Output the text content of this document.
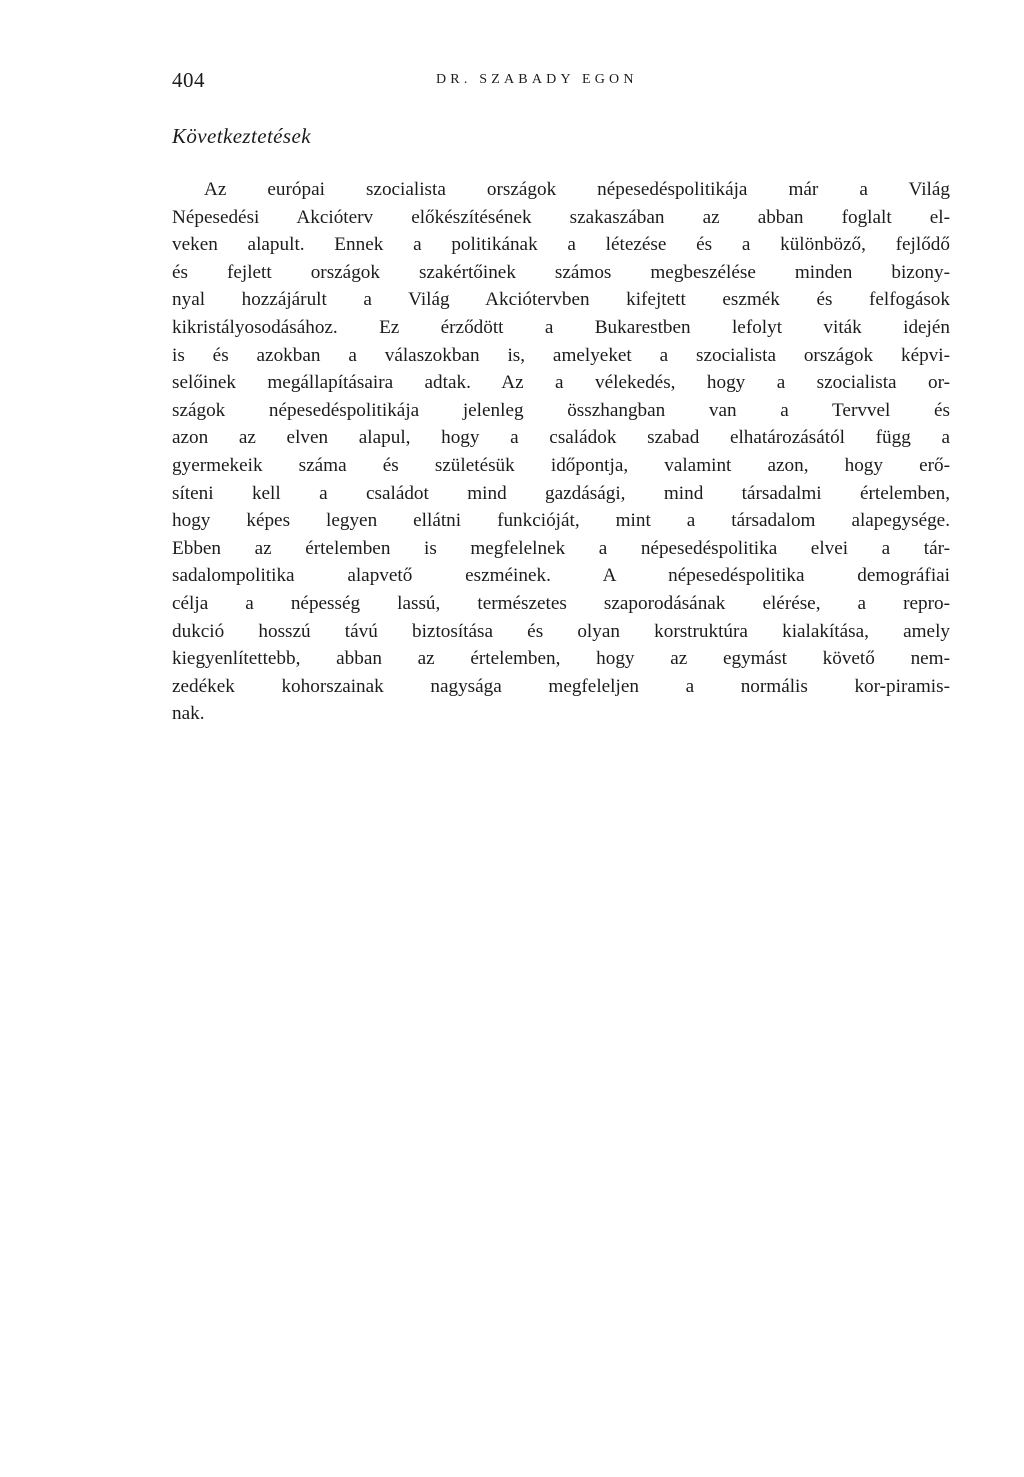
404	DR. SZABADY EGON
Következtetések
Az európai szocialista országok népesedéspolitikája már a Világ
Népesedési Akcióterv előkészítésének szakaszában az abban foglalt el-
veken alapult. Ennek a politikának a létezése és a különböző, fejlődő
és fejlett országok szakértőinek számos megbeszélése minden bizony-
nyal hozzájárult a Világ Akciótervben kifejtett eszmék és felfogások
kikristályosodásához. Ez érződött a Bukarestben lefolyt viták idején
is és azokban a válaszokban is, amelyeket a szocialista országok képvi-
selőinek megállapításaira adtak. Az a vélekedés, hogy a szocialista or-
szágok népesedéspolitikája jelenleg összhangban van a Tervvel és
azon az elven alapul, hogy a családok szabad elhatározásától függ a
gyermekeik száma és születésük időpontja, valamint azon, hogy erő-
síteni kell a családot mind gazdásági, mind társadalmi értelemben,
hogy képes legyen ellátni funkcióját, mint a társadalom alapegysége.
Ebben az értelemben is megfelelnek a népesedéspolitika elvei a tár-
sadalompolitika alapvető eszméinek. A népesedéspolitika demográfiai
célja a népesség lassú, természetes szaporodásának elérése, a repro-
dukció hosszú távú biztosítása és olyan korstruktúra kialakítása, amely
kiegyenlítettebb, abban az értelemben, hogy az egymást követő nem-
zedékek kohorszainak nagysága megfeleljen a normális kor-piramis-
nak.
